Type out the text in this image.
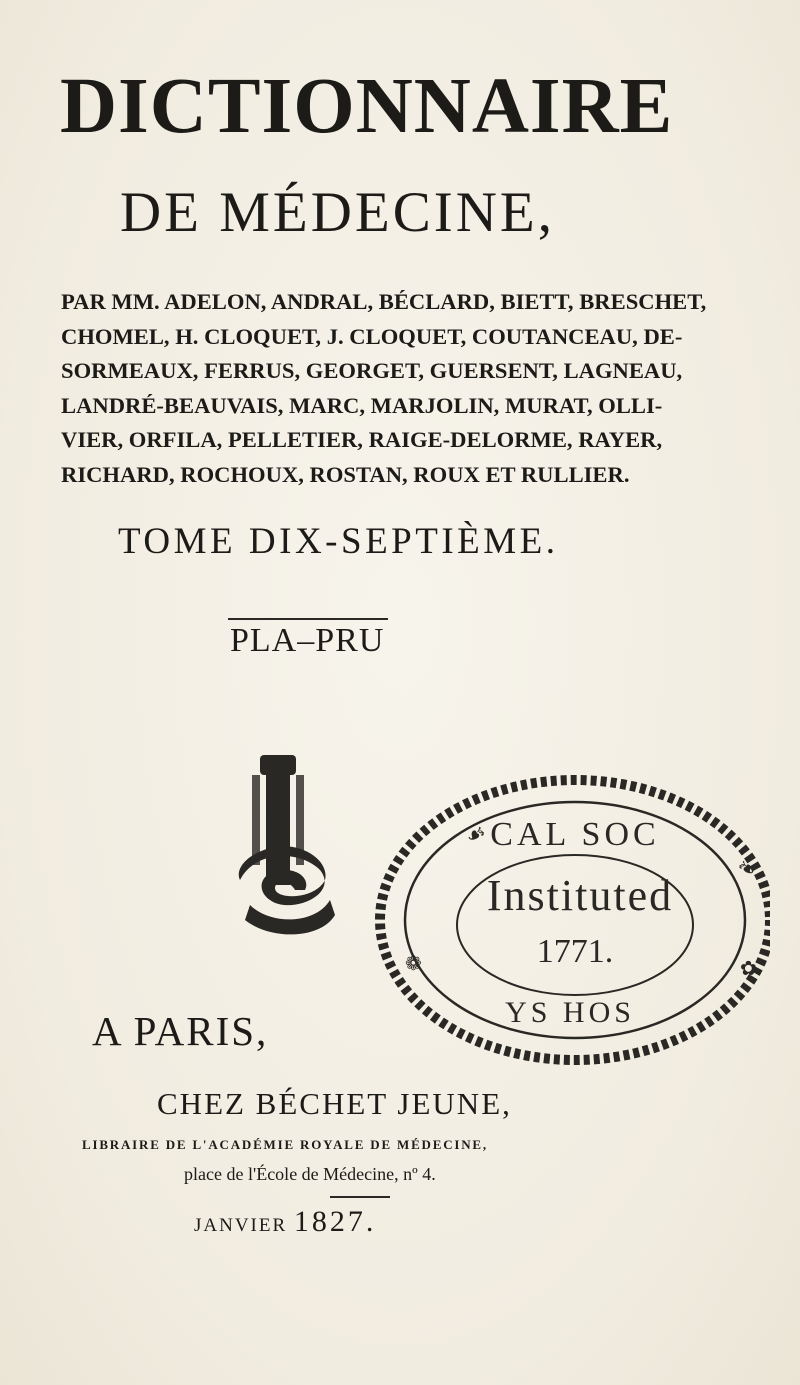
DICTIONNAIRE
DE MÉDECINE,
PAR MM. ADELON, ANDRAL, BÉCLARD, BIETT, BRESCHET,
CHOMEL, H. CLOQUET, J. CLOQUET, COUTANCEAU, DE-
SORMEAUX, FERRUS, GEORGET, GUERSENT, LAGNEAU,
LANDRÉ-BEAUVAIS, MARC, MARJOLIN, MURAT, OLLI-
VIER, ORFILA, PELLETIER, RAIGE-DELORME, RAYER,
RICHARD, ROCHOUX, ROSTAN, ROUX ET RULLIER.
TOME DIX-SEPTIÈME.
PLA–PRU
☙
❧
✿
❁
CAL SOC
Instituted
1771.
YS HOS
A PARIS,
CHEZ BÉCHET JEUNE,
LIBRAIRE DE L'ACADÉMIE ROYALE DE MÉDECINE,
place de l'École de Médecine, nº 4.
JANVIER 1827.
